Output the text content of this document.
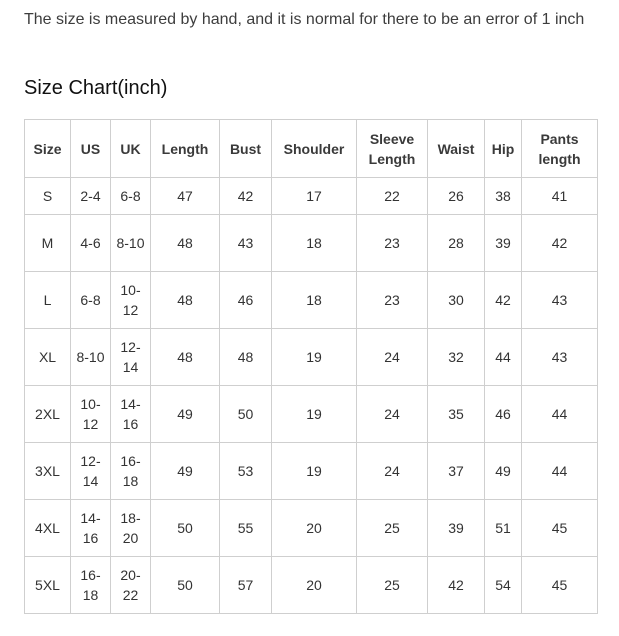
The size is measured by hand, and it is normal for there to be an error of 1 inch

Size Chart(inch)
Size	US	UK	Length	Bust	Shoulder	Sleeve Length	Waist	Hip	Pants length
S	2-4	6-8	47	42	17	22	26	38	41
M	4-6	8-10	48	43	18	23	28	39	42
L	6-8	10-12	48	46	18	23	30	42	43
XL	8-10	12-14	48	48	19	24	32	44	43
2XL	10-12	14-16	49	50	19	24	35	46	44
3XL	12-14	16-18	49	53	19	24	37	49	44
4XL	14-16	18-20	50	55	20	25	39	51	45
5XL	16-18	20-22	50	57	20	25	42	54	45
